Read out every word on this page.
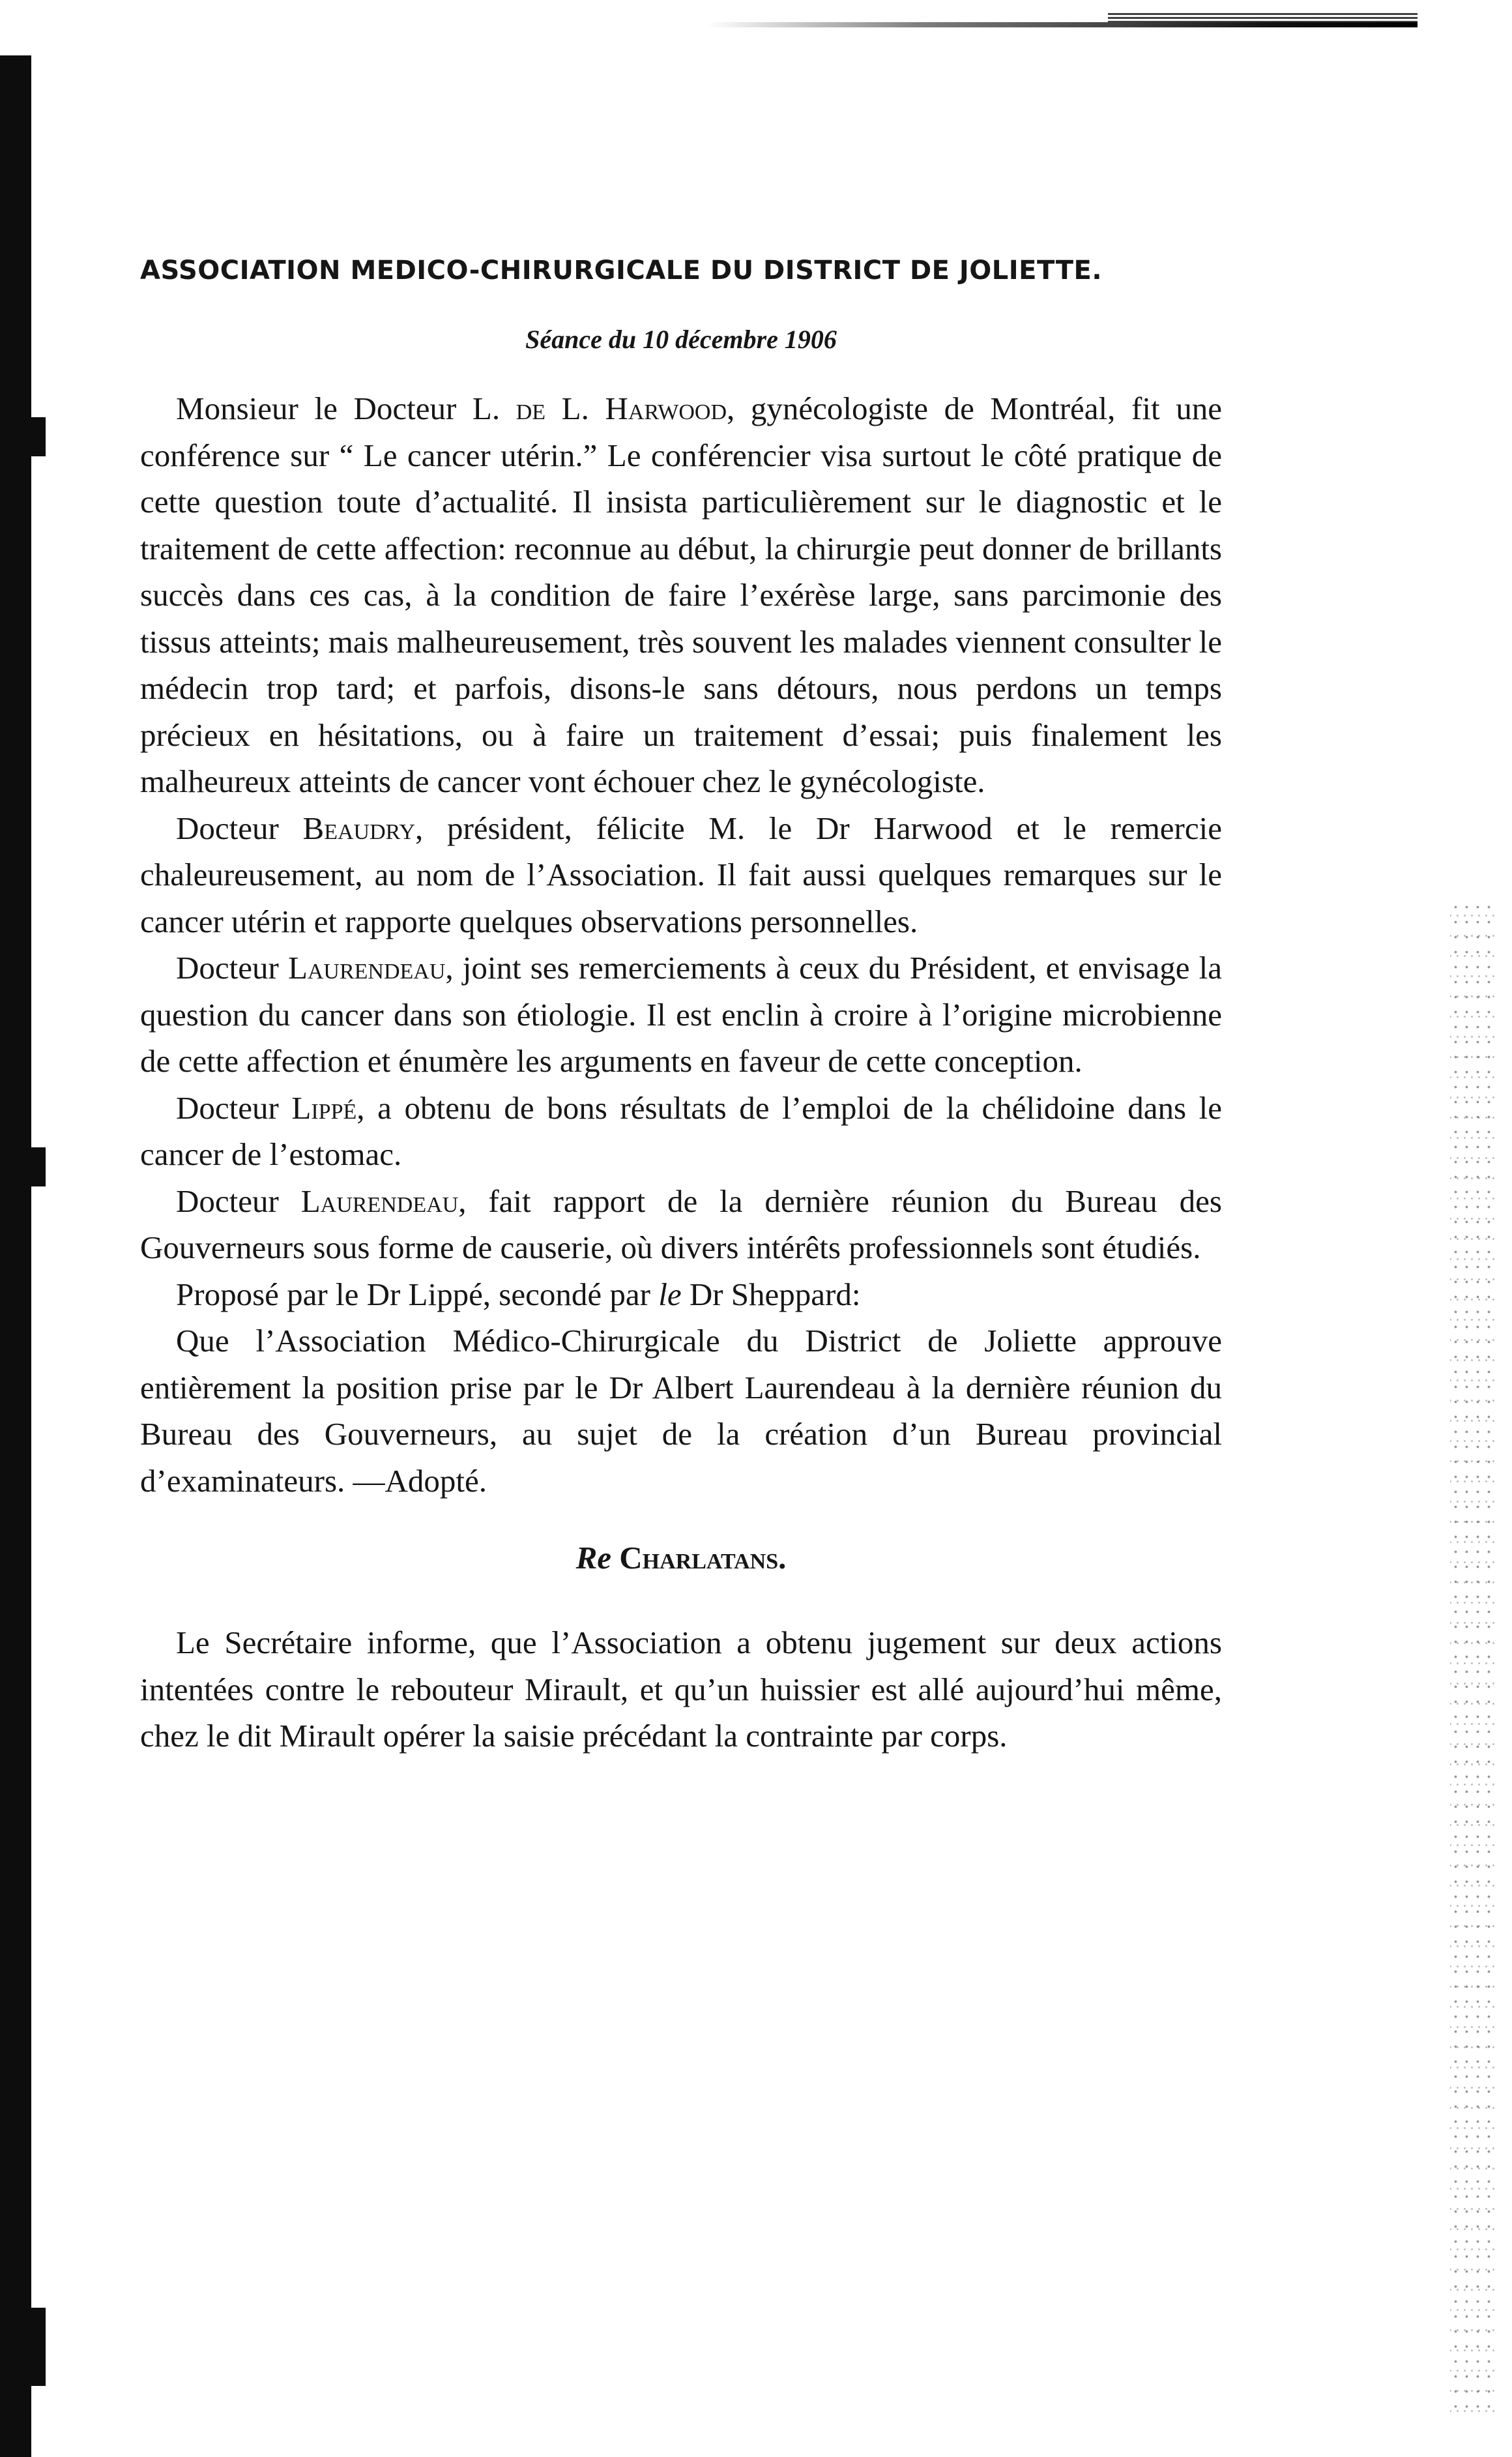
ASSOCIATION MEDICO-CHIRURGICALE DU DISTRICT DE JOLIETTE.
Séance du 10 décembre 1906

Monsieur le Docteur L. de L. Harwood, gynécologiste de Montréal, fit une conférence sur “ Le cancer utérin.” Le conférencier visa surtout le côté pratique de cette question toute d’actualité. Il insista particulièrement sur le diagnostic et le traitement de cette affection: reconnue au début, la chirurgie peut donner de brillants succès dans ces cas, à la condition de faire l’exérèse large, sans parcimonie des tissus atteints; mais malheureusement, très souvent les malades viennent consulter le médecin trop tard; et parfois, disons-le sans détours, nous perdons un temps précieux en hésitations, ou à faire un traitement d’essai; puis finalement les malheureux atteints de cancer vont échouer chez le gynécologiste.

Docteur Beaudry, président, félicite M. le Dr Harwood et le remercie chaleureusement, au nom de l’Association. Il fait aussi quelques remarques sur le cancer utérin et rapporte quelques observations personnelles.

Docteur Laurendeau, joint ses remerciements à ceux du Président, et envisage la question du cancer dans son étiologie. Il est enclin à croire à l’origine microbienne de cette affection et énumère les arguments en faveur de cette conception.

Docteur Lippé, a obtenu de bons résultats de l’emploi de la chélidoine dans le cancer de l’estomac.

Docteur Laurendeau, fait rapport de la dernière réunion du Bureau des Gouverneurs sous forme de causerie, où divers intérêts professionnels sont étudiés.

Proposé par le Dr Lippé, secondé par le Dr Sheppard:

Que l’Association Médico-Chirurgicale du District de Joliette approuve entièrement la position prise par le Dr Albert Laurendeau à la dernière réunion du Bureau des Gouverneurs, au sujet de la création d’un Bureau provincial d’examinateurs. —Adopté.

Re Charlatans.

Le Secrétaire informe, que l’Association a obtenu jugement sur deux actions intentées contre le rebouteur Mirault, et qu’un huissier est allé aujourd’hui même, chez le dit Mirault opérer la saisie précédant la contrainte par corps.
